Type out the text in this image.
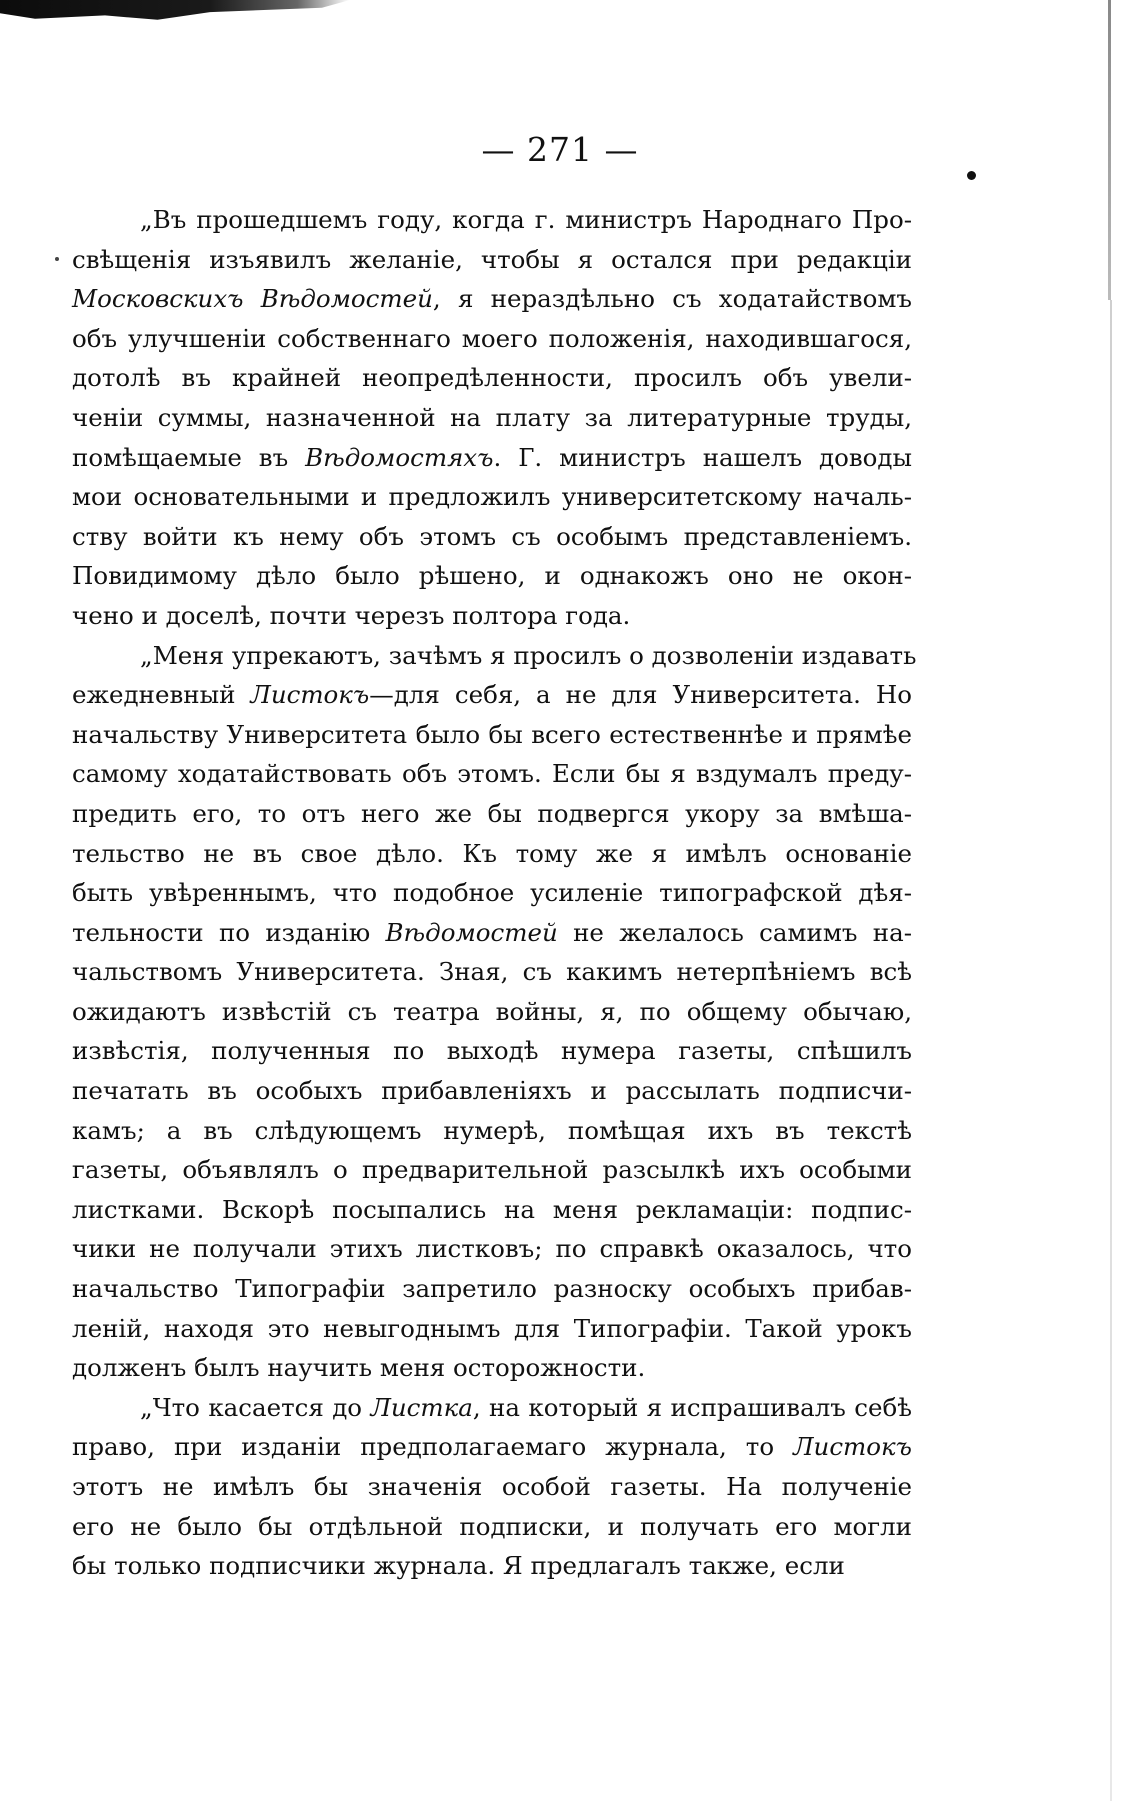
— 271 —
„Въ прошедшемъ году, когда г. министръ Народнаго Про-
свѣщенія изъявилъ желаніе, чтобы я остался при редакціи
Московскихъ Вѣдомостей, я нераздѣльно съ ходатайствомъ
объ улучшеніи собственнаго моего положенія, находившагося,
дотолѣ въ крайней неопредѣленности, просилъ объ увели-
ченіи суммы, назначенной на плату за литературные труды,
помѣщаемые въ Вѣдомостяхъ. Г. министръ нашелъ доводы
мои основательными и предложилъ университетскому началь-
ству войти къ нему объ этомъ съ особымъ представленіемъ.
Повидимому дѣло было рѣшено, и однакожъ оно не окон-
чено и доселѣ, почти черезъ полтора года.
„Меня упрекаютъ, зачѣмъ я просилъ о дозволеніи издавать
ежедневный Листокъ—для себя, а не для Университета. Но
начальству Университета было бы всего естественнѣе и прямѣе
самому ходатайствовать объ этомъ. Если бы я вздумалъ преду-
предить его, то отъ него же бы подвергся укору за вмѣша-
тельство не въ свое дѣло. Къ тому же я имѣлъ основаніе
быть увѣреннымъ, что подобное усиленіе типографской дѣя-
тельности по изданію Вѣдомостей не желалось самимъ на-
чальствомъ Университета. Зная, съ какимъ нетерпѣніемъ всѣ
ожидаютъ извѣстій съ театра войны, я, по общему обычаю,
извѣстія, полученныя по выходѣ нумера газеты, спѣшилъ
печатать въ особыхъ прибавленіяхъ и рассылать подписчи-
камъ; а въ слѣдующемъ нумерѣ, помѣщая ихъ въ текстѣ
газеты, объявлялъ о предварительной разсылкѣ ихъ особыми
листками. Вскорѣ посыпались на меня рекламаціи: подпис-
чики не получали этихъ листковъ; по справкѣ оказалось, что
начальство Типографіи запретило разноску особыхъ прибав-
леній, находя это невыгоднымъ для Типографіи. Такой урокъ
долженъ былъ научить меня осторожности.
„Что касается до Листка, на который я испрашивалъ себѣ
право, при изданіи предполагаемаго журнала, то Листокъ
этотъ не имѣлъ бы значенія особой газеты. На полученіе
его не было бы отдѣльной подписки, и получать его могли
бы только подписчики журнала. Я предлагалъ также, если
